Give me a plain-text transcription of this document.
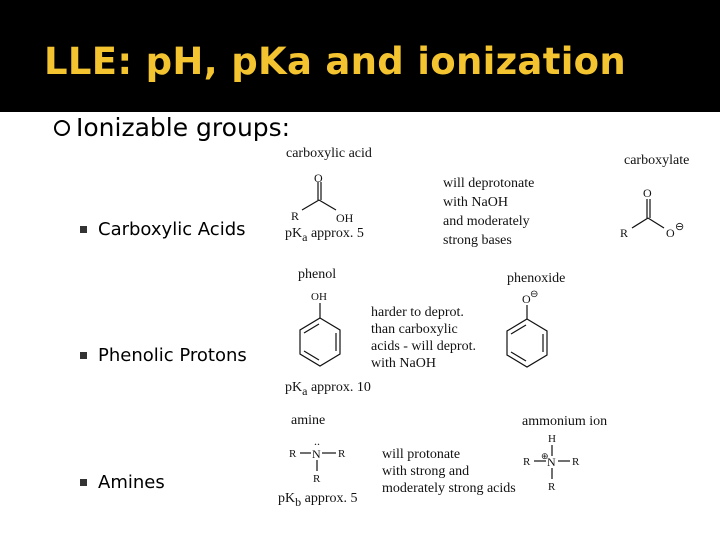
LLE: pH, pKa and ionization
Ionizable groups:
Carboxylic Acids
Phenolic Protons
Amines
carboxylic acid
O
R	OH
$pK_a$ approx. 5
will deprotonate
with NaOH
and moderately
strong bases
carboxylate
O
R	O ⊖
phenol
OH
$pK_a$ approx. 10
harder to deprot.
than carboxylic
acids - will deprot.
with NaOH
phenoxide
O ⊖
amine
..
N
R	R
R
$pK_b$ approx. 5
will protonate
with strong and
moderately strong acids
ammonium ion
H
⊕
N
R	R
R
